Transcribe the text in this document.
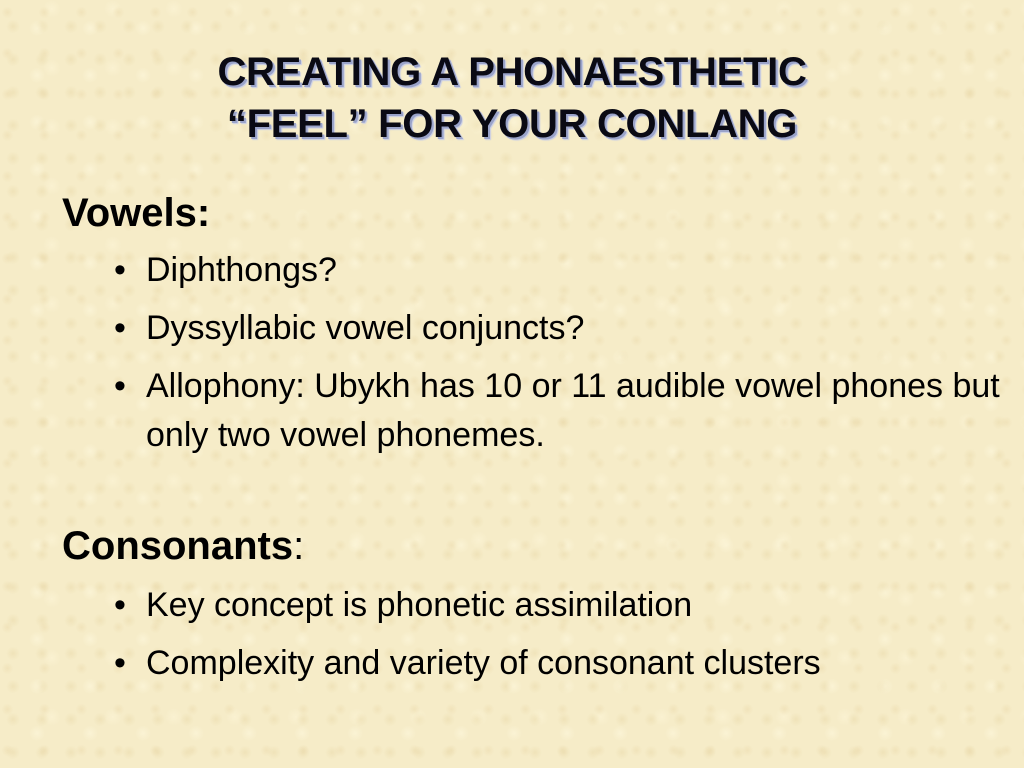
CREATING A PHONAESTHETIC
“FEEL” FOR YOUR CONLANG
Vowels:
• Diphthongs?
• Dyssyllabic vowel conjuncts?
• Allophony: Ubykh has 10 or 11 audible vowel phones but only two vowel phonemes.
Consonants:
• Key concept is phonetic assimilation
• Complexity and variety of consonant clusters
